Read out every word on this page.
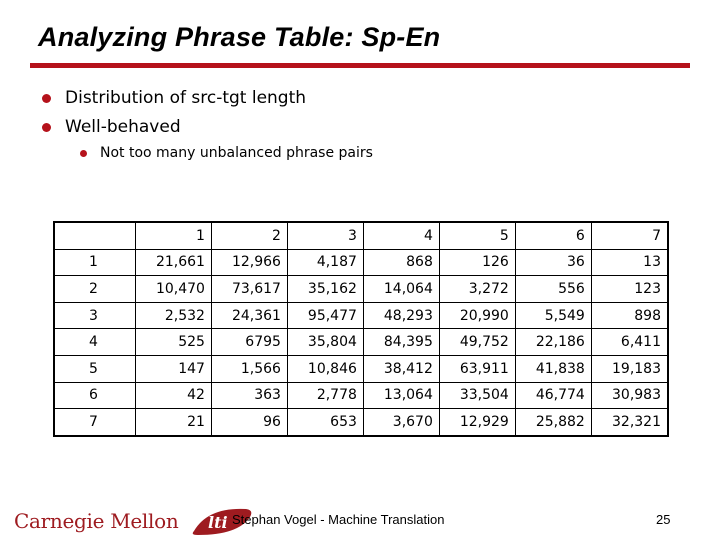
Analyzing Phrase Table: Sp-En
Distribution of src-tgt length
Well-behaved
Not too many unbalanced phrase pairs
	1	2	3	4	5	6	7
1	21,661	12,966	4,187	868	126	36	13
2	10,470	73,617	35,162	14,064	3,272	556	123
3	2,532	24,361	95,477	48,293	20,990	5,549	898
4	525	6795	35,804	84,395	49,752	22,186	6,411
5	147	1,566	10,846	38,412	63,911	41,838	19,183
6	42	363	2,778	13,064	33,504	46,774	30,983
7	21	96	653	3,670	12,929	25,882	32,321
Carnegie Mellon lti Stephan Vogel - Machine Translation	25
